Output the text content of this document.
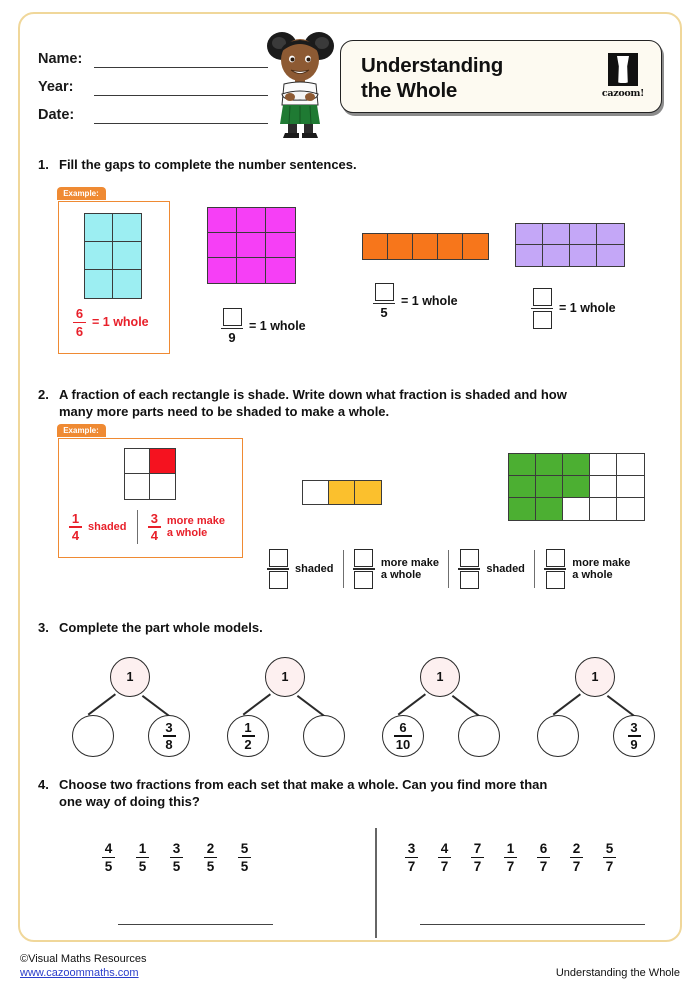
Name:
Year:
Date:
Understanding
the Whole	cazoom!
1. Fill the gaps to complete the number sentences.
Example:
$\frac{6}{6} = 1$ whole
9
= 1 whole
5
= 1 whole
= 1 whole
2. A fraction of each rectangle is shade. Write down what fraction is shaded and how
many more parts need to be shaded to make a whole.
Example:
$\frac{1}{4}$ shaded $\frac{3}{4}$ more make
a whole
shaded
more make
a whole
shaded
more make
a whole
3. Complete the part whole models.
1
$\frac{3}{8}$
1
$\frac{1}{2}$
1
$\frac{6}{10}$
1
$\frac{3}{9}$
4. Choose two fractions from each set that make a whole. Can you find more than
one way of doing this?
$\frac{4}{5} \frac{1}{5} \frac{3}{5} \frac{2}{5} \frac{5}{5}$	$\frac{3}{7} \frac{4}{7} \frac{7}{7} \frac{1}{7} \frac{6}{7} \frac{2}{7} \frac{5}{7}$
©Visual Maths Resources
www.cazoommaths.com	Understanding the Whole
